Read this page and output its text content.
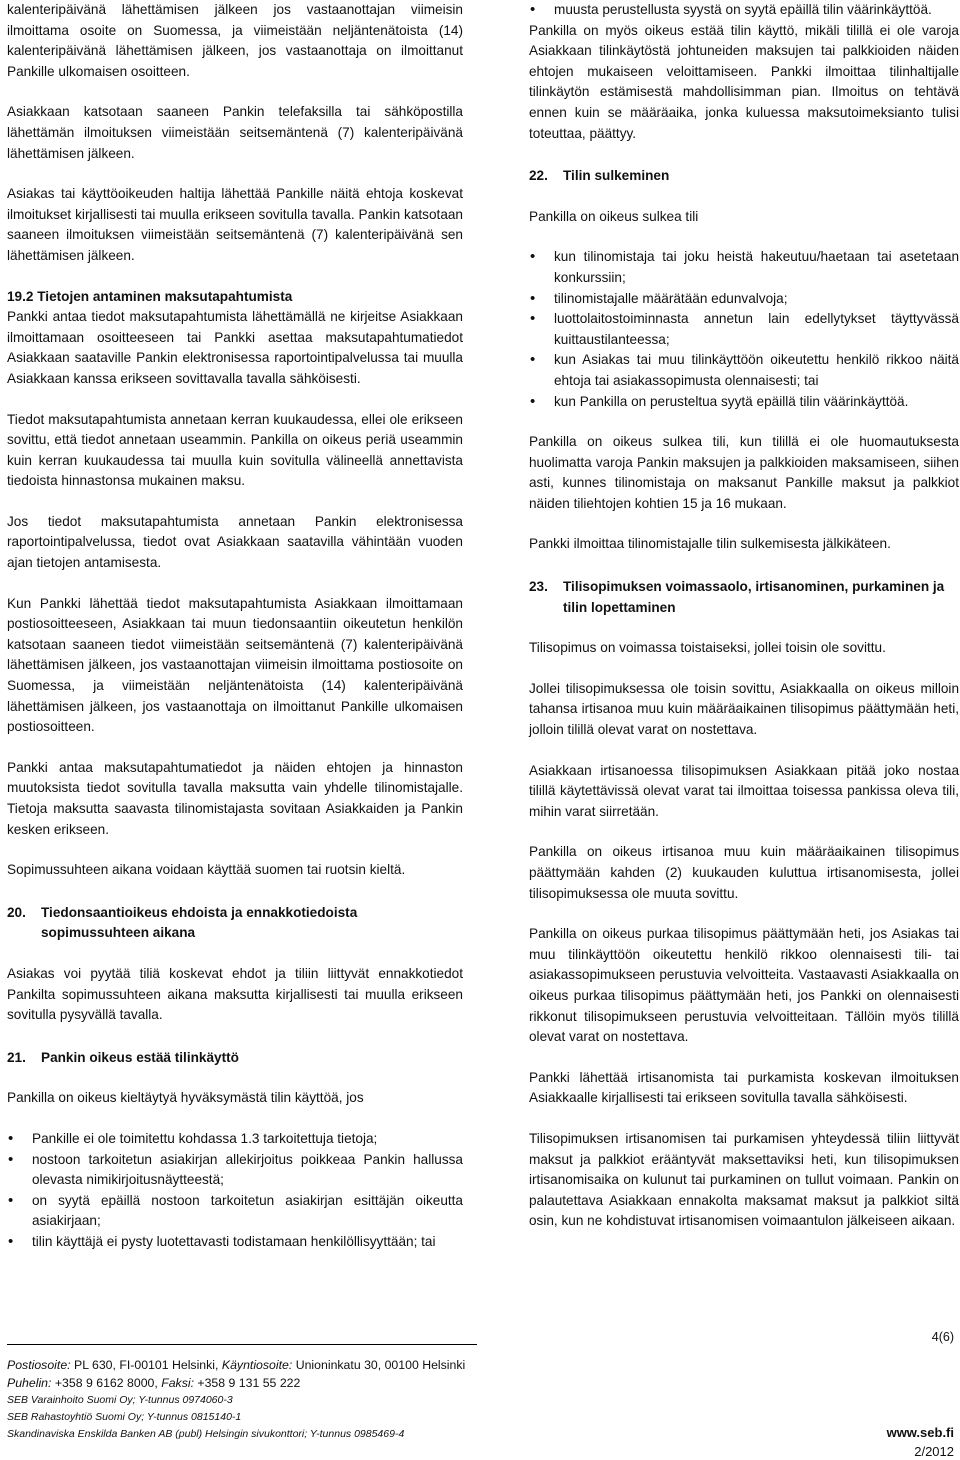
kalenteripäivänä lähettämisen jälkeen jos vastaanottajan viimeisin ilmoittama osoite on Suomessa, ja viimeistään neljäntenätoista (14) kalenteripäivänä lähettämisen jälkeen, jos vastaanottaja on ilmoittanut Pankille ulkomaisen osoitteen.

Asiakkaan katsotaan saaneen Pankin telefaksilla tai sähköpostilla lähettämän ilmoituksen viimeistään seitsemäntenä (7) kalenteripäivänä lähettämisen jälkeen.

Asiakas tai käyttöoikeuden haltija lähettää Pankille näitä ehtoja koskevat ilmoitukset kirjallisesti tai muulla erikseen sovitulla tavalla. Pankin katsotaan saaneen ilmoituksen viimeistään seitsemäntenä (7) kalenteripäivänä sen lähettämisen jälkeen.

19.2 Tietojen antaminen maksutapahtumista

Pankki antaa tiedot maksutapahtumista lähettämällä ne kirjeitse Asiakkaan ilmoittamaan osoitteeseen tai Pankki asettaa maksutapahtumatiedot Asiakkaan saataville Pankin elektronisessa raportointipalvelussa tai muulla Asiakkaan kanssa erikseen sovittavalla tavalla sähköisesti.

Tiedot maksutapahtumista annetaan kerran kuukaudessa, ellei ole erikseen sovittu, että tiedot annetaan useammin. Pankilla on oikeus periä useammin kuin kerran kuukaudessa tai muulla kuin sovitulla välineellä annettavista tiedoista hinnastonsa mukainen maksu.

Jos tiedot maksutapahtumista annetaan Pankin elektronisessa raportointipalvelussa, tiedot ovat Asiakkaan saatavilla vähintään vuoden ajan tietojen antamisesta.

Kun Pankki lähettää tiedot maksutapahtumista Asiakkaan ilmoittamaan postiosoitteeseen, Asiakkaan tai muun tiedonsaantiin oikeutetun henkilön katsotaan saaneen tiedot viimeistään seitsemäntenä (7) kalenteripäivänä lähettämisen jälkeen, jos vastaanottajan viimeisin ilmoittama postiosoite on Suomessa, ja viimeistään neljäntenätoista (14) kalenteripäivänä lähettämisen jälkeen, jos vastaanottaja on ilmoittanut Pankille ulkomaisen postiosoitteen.

Pankki antaa maksutapahtumatiedot ja näiden ehtojen ja hinnaston muutoksista tiedot sovitulla tavalla maksutta vain yhdelle tilinomistajalle. Tietoja maksutta saavasta tilinomistajasta sovitaan Asiakkaiden ja Pankin kesken erikseen.

Sopimussuhteen aikana voidaan käyttää suomen tai ruotsin kieltä.

20.	Tiedonsaantioikeus ehdoista ja ennakkotiedoista sopimussuhteen aikana

Asiakas voi pyytää tiliä koskevat ehdot ja tiliin liittyvät ennakkotiedot Pankilta sopimussuhteen aikana maksutta kirjallisesti tai muulla erikseen sovitulla pysyvällä tavalla.

21.	Pankin oikeus estää tilinkäyttö

Pankilla on oikeus kieltäytyä hyväksymästä tilin käyttöä, jos

• Pankille ei ole toimitettu kohdassa 1.3 tarkoitettuja tietoja;
• nostoon tarkoitetun asiakirjan allekirjoitus poikkeaa Pankin hallussa olevasta nimikirjoitusnäytteestä;
• on syytä epäillä nostoon tarkoitetun asiakirjan esittäjän oikeutta asiakirjaan;
• tilin käyttäjä ei pysty luotettavasti todistamaan henkilöllisyyttään; tai
• muusta perustellusta syystä on syytä epäillä tilin väärinkäyttöä.

Pankilla on myös oikeus estää tilin käyttö, mikäli tilillä ei ole varoja Asiakkaan tilinkäytöstä johtuneiden maksujen tai palkkioiden näiden ehtojen mukaiseen veloittamiseen. Pankki ilmoittaa tilinhaltijalle tilinkäytön estämisestä mahdollisimman pian. Ilmoitus on tehtävä ennen kuin se määräaika, jonka kuluessa maksutoimeksianto tulisi toteuttaa, päättyy.

22.	Tilin sulkeminen

Pankilla on oikeus sulkea tili

• kun tilinomistaja tai joku heistä hakeutuu/haetaan tai asetetaan konkurssiin;
• tilinomistajalle määrätään edunvalvoja;
• luottolaitostoiminnasta annetun lain edellytykset täyttyvässä kuittaustilanteessa;
• kun Asiakas tai muu tilinkäyttöön oikeutettu henkilö rikkoo näitä ehtoja tai asiakassopimusta olennaisesti; tai
• kun Pankilla on perusteltua syytä epäillä tilin väärinkäyttöä.

Pankilla on oikeus sulkea tili, kun tilillä ei ole huomautuksesta huolimatta varoja Pankin maksujen ja palkkioiden maksamiseen, siihen asti, kunnes tilinomistaja on maksanut Pankille maksut ja palkkiot näiden tiliehtojen kohtien 15 ja 16 mukaan.

Pankki ilmoittaa tilinomistajalle tilin sulkemisesta jälkikäteen.

23.	Tilisopimuksen voimassaolo, irtisanominen, purkaminen ja tilin lopettaminen

Tilisopimus on voimassa toistaiseksi, jollei toisin ole sovittu.

Jollei tilisopimuksessa ole toisin sovittu, Asiakkaalla on oikeus milloin tahansa irtisanoa muu kuin määräaikainen tilisopimus päättymään heti, jolloin tilillä olevat varat on nostettava.

Asiakkaan irtisanoessa tilisopimuksen Asiakkaan pitää joko nostaa tilillä käytettävissä olevat varat tai ilmoittaa toisessa pankissa oleva tili, mihin varat siirretään.

Pankilla on oikeus irtisanoa muu kuin määräaikainen tilisopimus päättymään kahden (2) kuukauden kuluttua irtisanomisesta, jollei tilisopimuksessa ole muuta sovittu.

Pankilla on oikeus purkaa tilisopimus päättymään heti, jos Asiakas tai muu tilinkäyttöön oikeutettu henkilö rikkoo olennaisesti tili- tai asiakassopimukseen perustuvia velvoitteita. Vastaavasti Asiakkaalla on oikeus purkaa tilisopimus päättymään heti, jos Pankki on olennaisesti rikkonut tilisopimukseen perustuvia velvoitteitaan. Tällöin myös tilillä olevat varat on nostettava.

Pankki lähettää irtisanomista tai purkamista koskevan ilmoituksen Asiakkaalle kirjallisesti tai erikseen sovitulla tavalla sähköisesti.

Tilisopimuksen irtisanomisen tai purkamisen yhteydessä tiliin liittyvät maksut ja palkkiot erääntyvät maksettaviksi heti, kun tilisopimuksen irtisanomisaika on kulunut tai purkaminen on tullut voimaan. Pankin on palautettava Asiakkaan ennakolta maksamat maksut ja palkkiot siltä osin, kun ne kohdistuvat irtisanomisen voimaantulon jälkeiseen aikaan.

4(6)
Postiosoite: PL 630, FI-00101 Helsinki, Käyntiosoite: Unioninkatu 30, 00100 Helsinki
Puhelin: +358 9 6162 8000, Faksi: +358 9 131 55 222
SEB Varainhoito Suomi Oy; Y-tunnus 0974060-3
SEB Rahastoyhtiö Suomi Oy; Y-tunnus 0815140-1
Skandinaviska Enskilda Banken AB (publ) Helsingin sivukonttori; Y-tunnus 0985469-4	www.seb.fi
2/2012
